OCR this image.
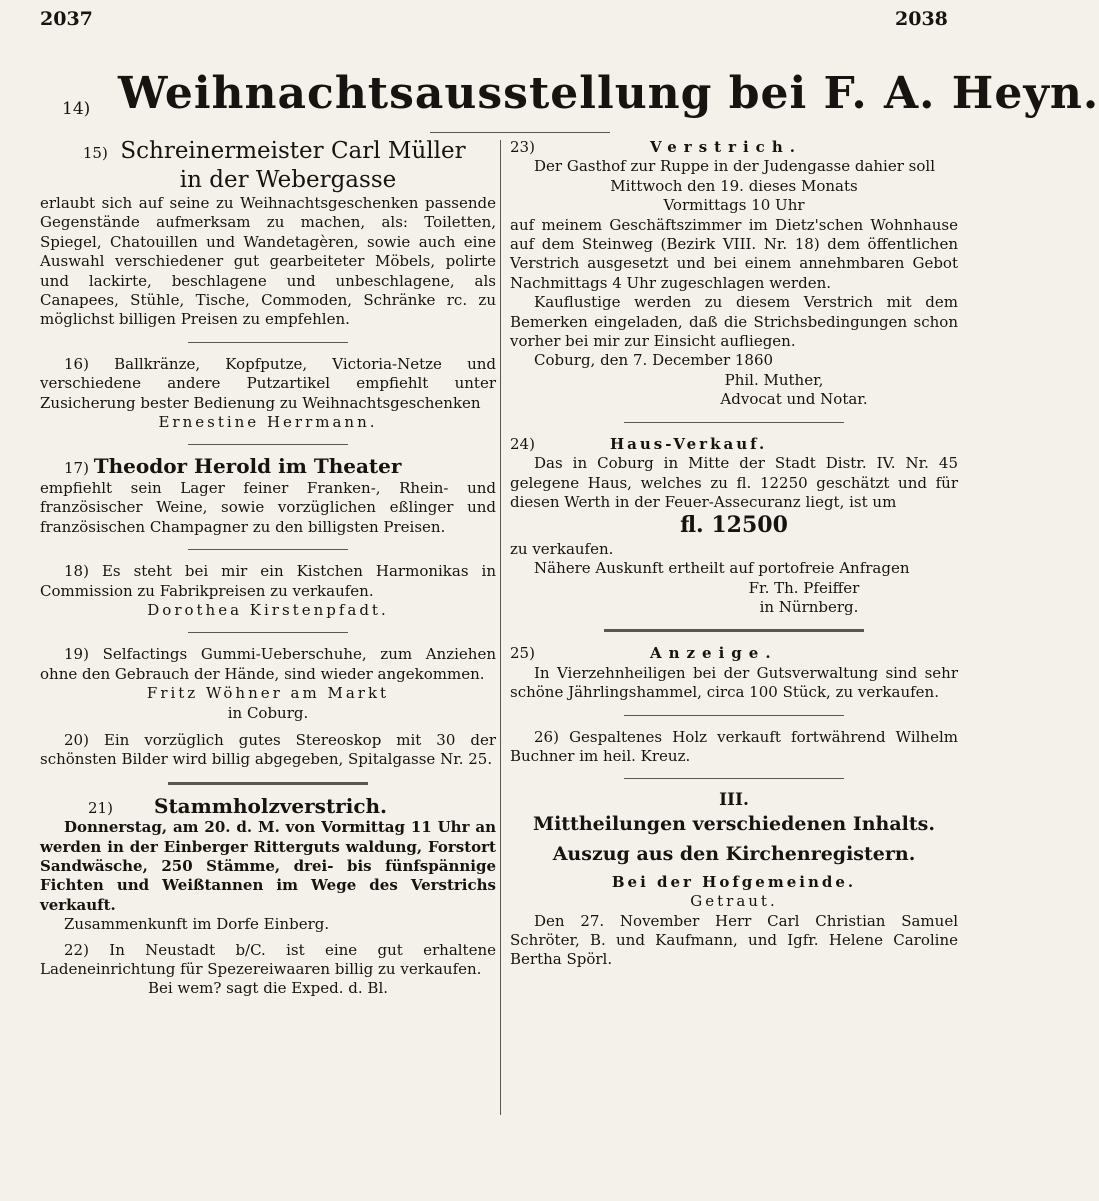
2037	2038
14) Weihnachtsausstellung bei F. A. Heyn.
15) Schreinermeister Carl Müller
in der Webergasse

erlaubt sich auf seine zu Weihnachtsgeschenken passende Gegenstände aufmerksam zu machen, als: Toiletten, Spiegel, Chatouillen und Wandetagèren, sowie auch eine Auswahl verschiedener gut gearbeiteter Möbels, polirte und lackirte, beschlagene und unbeschlagene, als Canapees, Stühle, Tische, Commoden, Schränke rc. zu möglichst billigen Preisen zu empfehlen.

16) Ballkränze, Kopfputze, Victoria-Netze und verschiedene andere Putzartikel empfiehlt unter Zusicherung bester Bedienung zu Weihnachtsgeschenken

Ernestine Herrmann.

17) Theodor Herold im Theater

empfiehlt sein Lager feiner Franken-, Rhein- und französischer Weine, sowie vorzüglichen eßlinger und französischen Champagner zu den billigsten Preisen.

18) Es steht bei mir ein Kistchen Harmonikas in Commission zu Fabrikpreisen zu verkaufen.

Dorothea Kirstenpfadt.

19) Selfactings Gummi-Ueberschuhe, zum Anziehen ohne den Gebrauch der Hände, sind wieder angekommen.

Fritz Wöhner am Markt

in Coburg.

20) Ein vorzüglich gutes Stereoskop mit 30 der schönsten Bilder wird billig abgegeben, Spitalgasse Nr. 25.

21) Stammholzverstrich.

Donnerstag, am 20. d. M. von Vormittag 11 Uhr an werden in der Einberger Ritterguts waldung, Forstort Sandwäsche, 250 Stämme, drei- bis fünfspännige Fichten und Weißtannen im Wege des Verstrichs verkauft.

Zusammenkunft im Dorfe Einberg.

22) In Neustadt b/C. ist eine gut erhaltene Ladeneinrichtung für Spezereiwaaren billig zu verkaufen.

Bei wem? sagt die Exped. d. Bl.

23)	Verstrich.

Der Gasthof zur Ruppe in der Judengasse dahier soll

Mittwoch den 19. dieses Monats

Vormittags 10 Uhr

auf meinem Geschäftszimmer im Dietz'schen Wohnhause auf dem Steinweg (Bezirk VIII. Nr. 18) dem öffentlichen Verstrich ausgesetzt und bei einem annehmbaren Gebot Nachmittags 4 Uhr zugeschlagen werden.

Kauflustige werden zu diesem Verstrich mit dem Bemerken eingeladen, daß die Strichsbedingungen schon vorher bei mir zur Einsicht aufliegen.

Coburg, den 7. December 1860

Phil. Muther,

Advocat und Notar.

24)	Haus-Verkauf.

Das in Coburg in Mitte der Stadt Distr. IV. Nr. 45 gelegene Haus, welches zu fl. 12250 geschätzt und für diesen Werth in der Feuer-Assecuranz liegt, ist um

fl. 12500

zu verkaufen.

Nähere Auskunft ertheilt auf portofreie Anfragen

Fr. Th. Pfeiffer

in Nürnberg.

25)	Anzeige.

In Vierzehnheiligen bei der Gutsverwaltung sind sehr schöne Jährlingshammel, circa 100 Stück, zu verkaufen.

26) Gespaltenes Holz verkauft fortwährend Wilhelm Buchner im heil. Kreuz.

III.

Mittheilungen verschiedenen Inhalts.

Auszug aus den Kirchenregistern.

Bei der Hofgemeinde.

Getraut.

Den 27. November Herr Carl Christian Samuel Schröter, B. und Kaufmann, und Igfr. Helene Caroline Bertha Spörl.
